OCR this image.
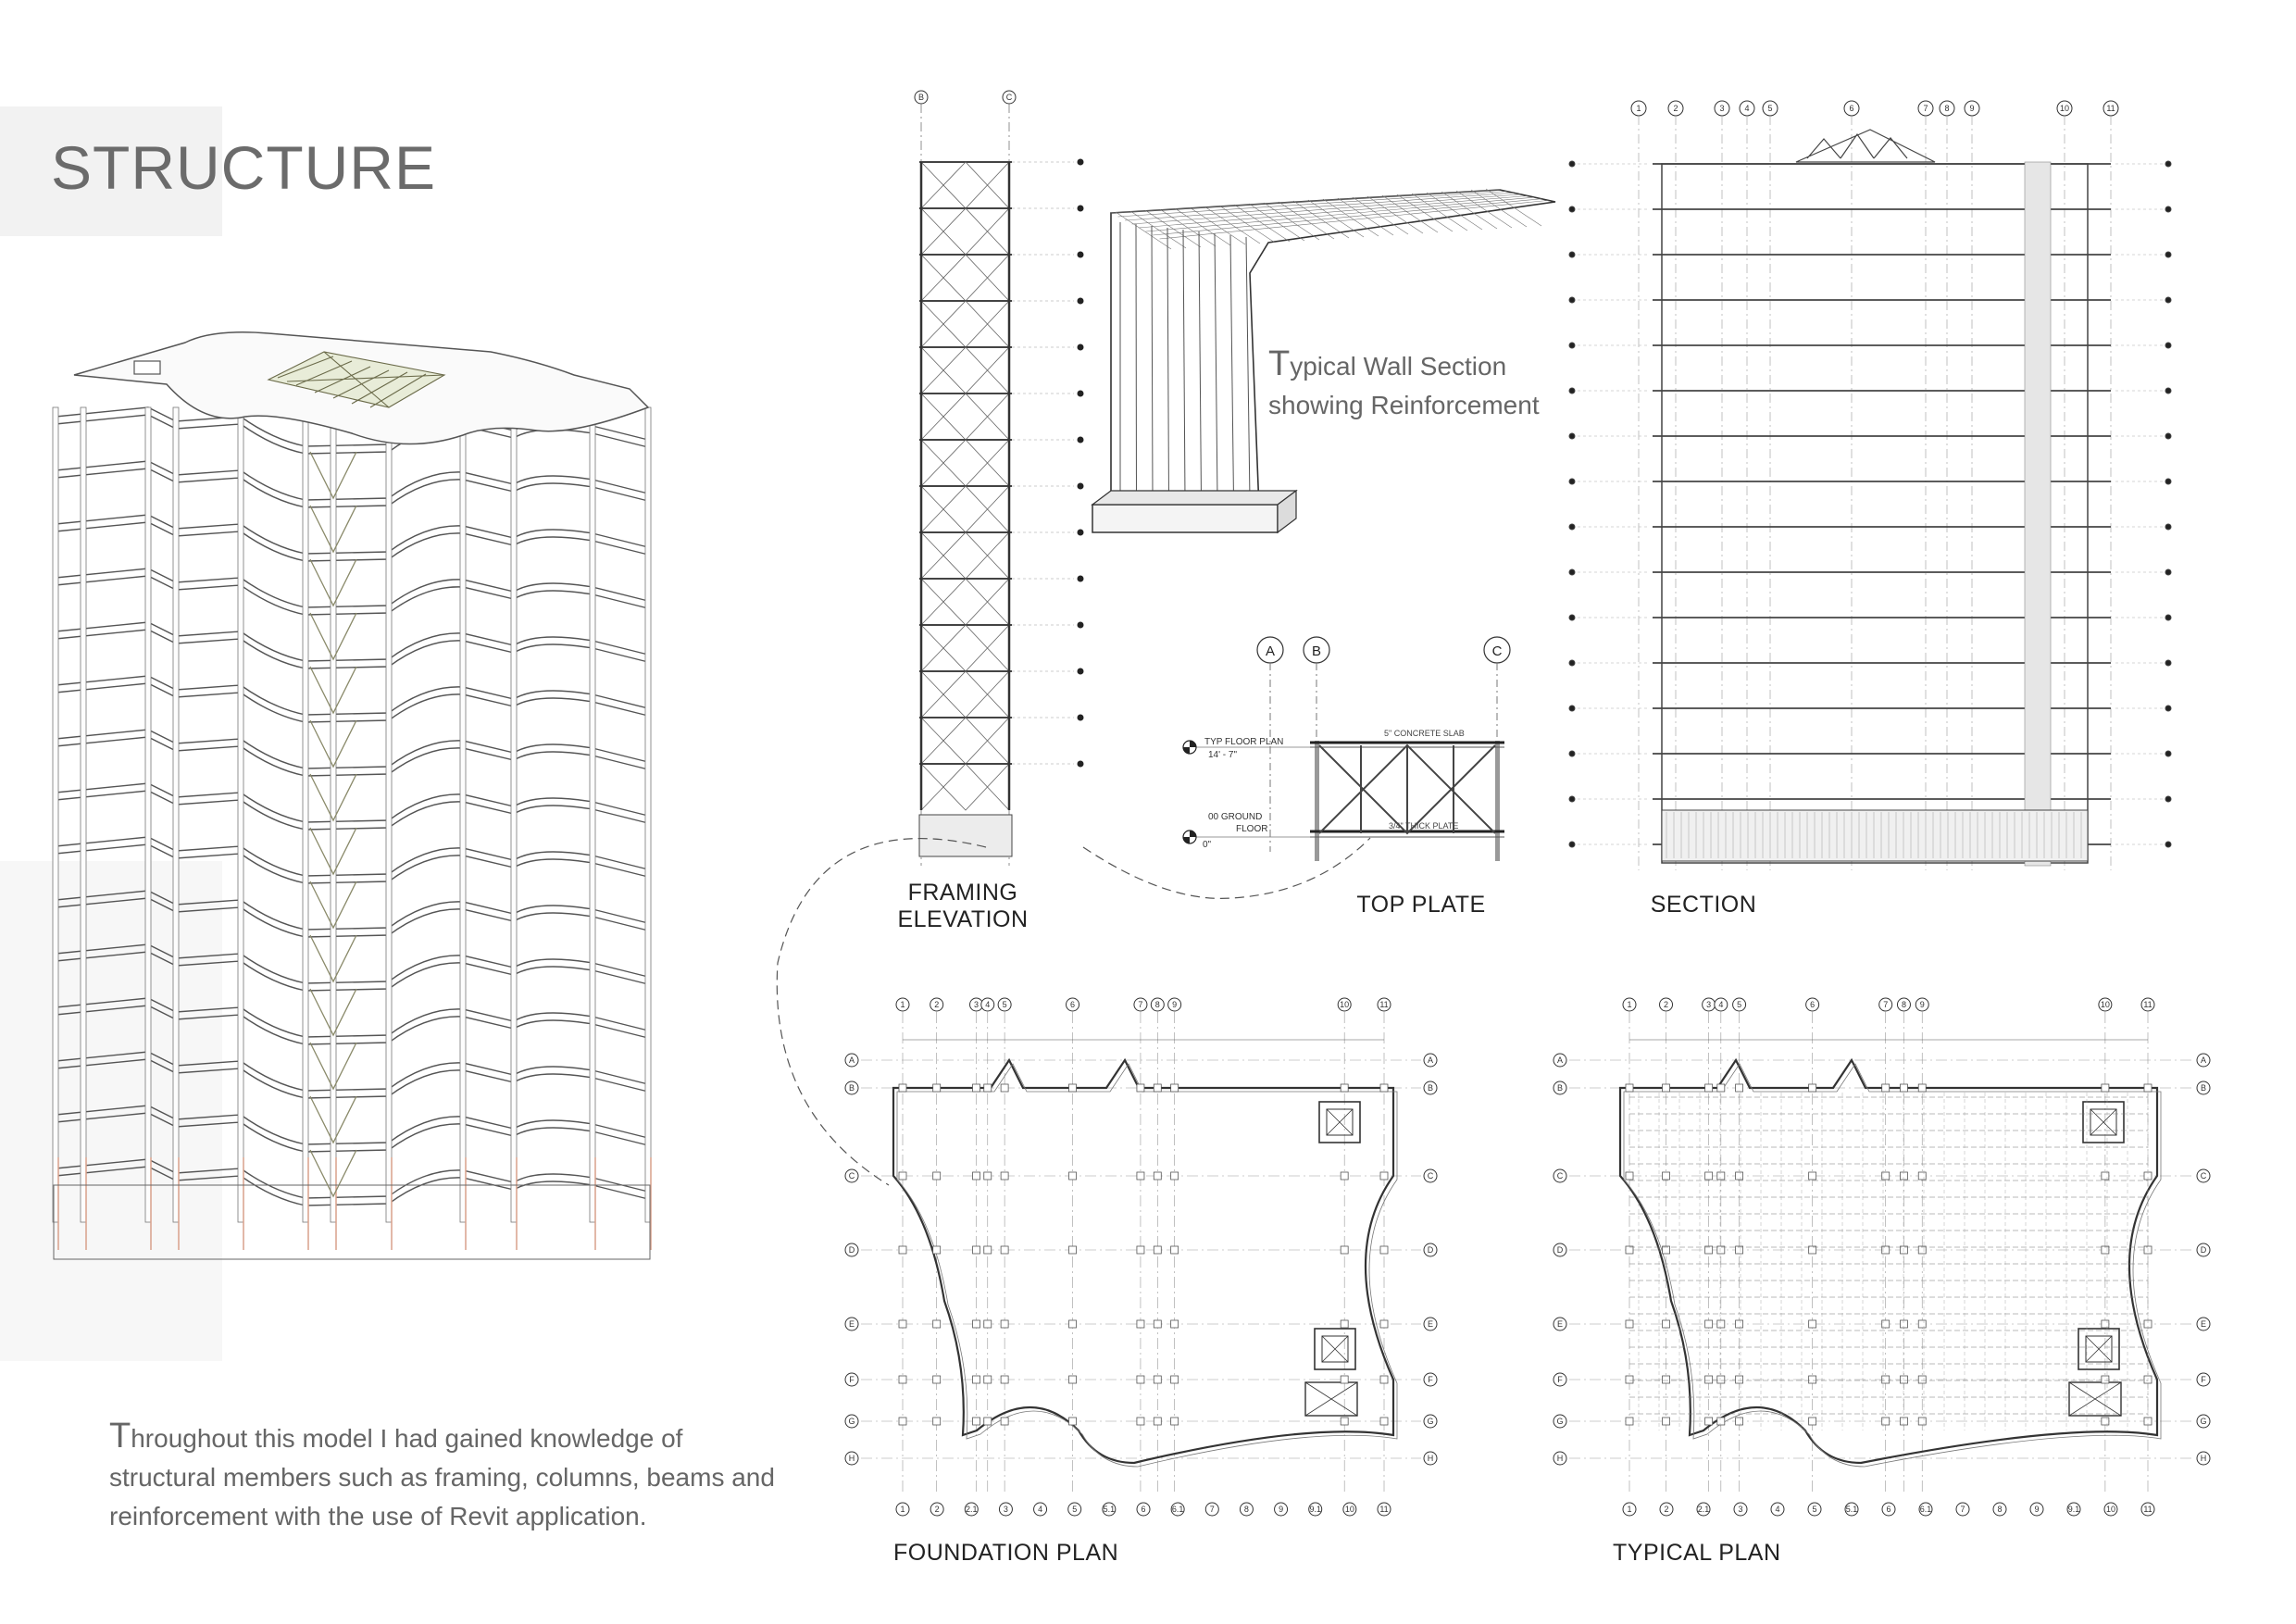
STRUCTURE
B	C
Typical Wall Section
showing Reinforcement
A	B	C
TYP FLOOR PLAN
14' - 7"
00 GROUND
FLOOR
0"
5" CONCRETE SLAB
3/4" THICK PLATE
1	2	3 4 5	6	7 8 9	10	11
A	A
B	B
C	C
D	D
E	E
F	F
G	G
H	H
1	2	3 4 5	6	7 8 9	10	11
1	2	2.1	3	4	5	5.1	6	6.1	7	8	9	9.1	10	11
A	A
B	B
C	C
D	D
E	E
F	F
G	G
H	H
1	2	3 4 5	6	7 8 9	10	11
1	2	2.1	3	4	5	5.1	6	6.1	7	8	9	9.1	10	11
FRAMING
ELEVATION
TOP PLATE	SECTION
FOUNDATION PLAN	TYPICAL PLAN
Throughout this model I had gained knowledge of structural members such as framing, columns, beams and reinforcement with the use of Revit application.
